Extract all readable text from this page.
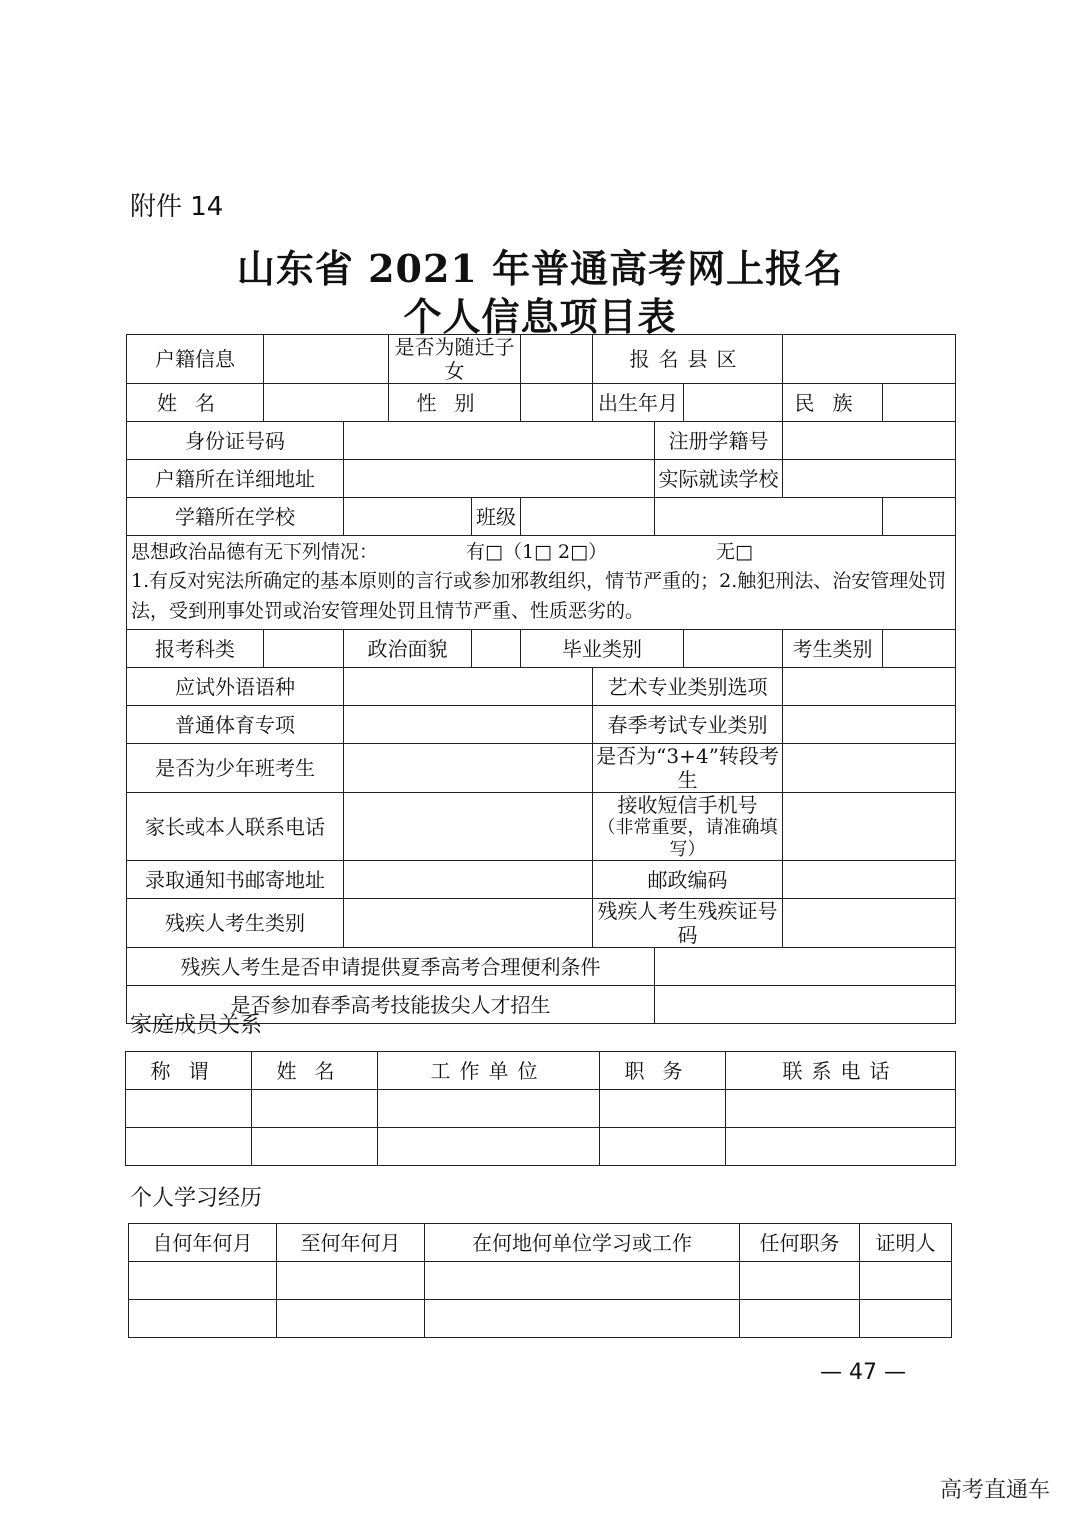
附件 14
山东省 2021 年普通高考网上报名
个人信息项目表
户籍信息			是否为随迁子女			报名县区				
姓名			性别			出生年月			民族	
身份证号码							注册学籍号			
户籍所在详细地址							实际就读学校			
学籍所在学校				班级						

思想政治品德有无下列情况： 有□（1□ 2□） 无□
1.有反对宪法所确定的基本原则的言行或参加邪教组织，情节严重的；2.触犯刑法、治安管理处罚法，受到刑事处罚或治安管理处罚且情节严重、性质恶劣的。										

报考科类		政治面貌			毕业类别				考生类别	
应试外语语种						艺术专业类别选项				
普通体育专项						春季考试专业类别				
是否为少年班考生						是否为“3+4”转段考生				
家长或本人联系电话						接收短信手机号
（非常重要，请准确填写）				

录取通知书邮寄地址						邮政编码				
残疾人考生类别						残疾人考生残疾证号码				
残疾人考生是否申请提供夏季高考合理便利条件										
是否参加春季高考技能拔尖人才招生										
家庭成员关系
称谓	姓名	工作单位	职务	联系电话

个人学习经历
自何年何月	至何年何月	在何地何单位学习或工作	任何职务	证明人

— 47 —
高考直通车
